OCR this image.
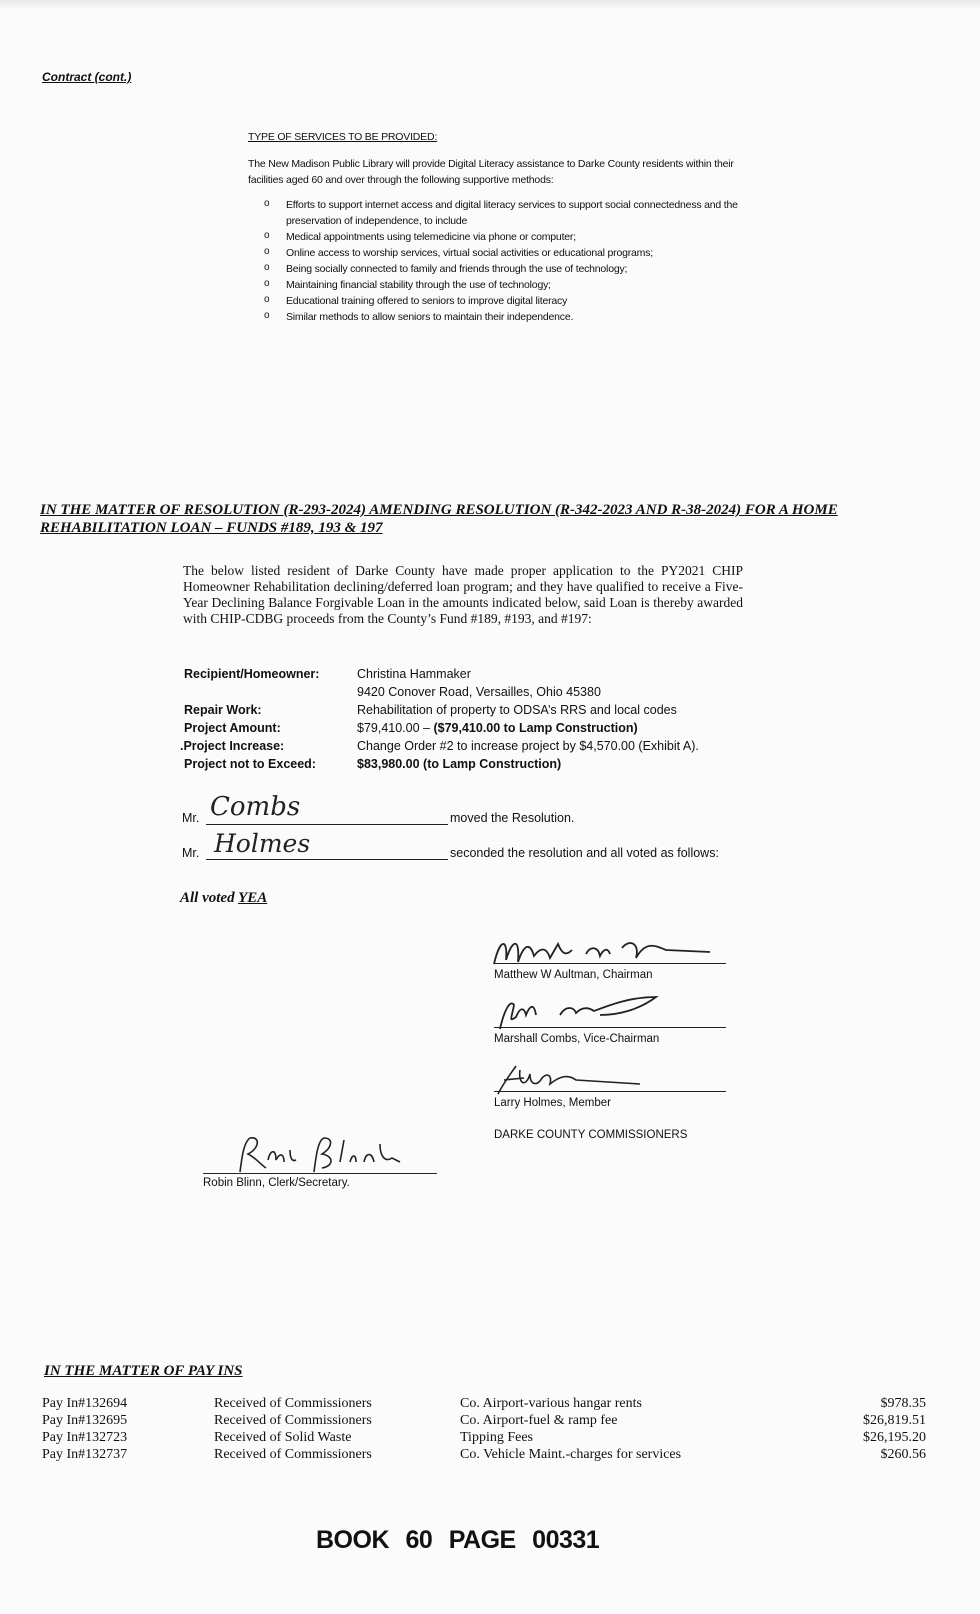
Contract (cont.)
TYPE OF SERVICES TO BE PROVIDED:
The New Madison Public Library will provide Digital Literacy assistance to Darke County residents within their facilities aged 60 and over through the following supportive methods:
o Efforts to support internet access and digital literacy services to support social connectedness and the preservation of independence, to include
o Medical appointments using telemedicine via phone or computer;
o Online access to worship services, virtual social activities or educational programs;
o Being socially connected to family and friends through the use of technology;
o Maintaining financial stability through the use of technology;
o Educational training offered to seniors to improve digital literacy
o Similar methods to allow seniors to maintain their independence.
IN THE MATTER OF RESOLUTION (R-293-2024) AMENDING RESOLUTION (R-342-2023 AND R-38-2024) FOR A HOME REHABILITATION LOAN – FUNDS #189, 193 & 197
The below listed resident of Darke County have made proper application to the PY2021 CHIP Homeowner Rehabilitation declining/deferred loan program; and they have qualified to receive a Five-Year Declining Balance Forgivable Loan in the amounts indicated below, said Loan is thereby awarded with CHIP-CDBG proceeds from the County’s Fund #189, #193, and #197:
Recipient/Homeowner:	Christina Hammaker
9420 Conover Road, Versailles, Ohio 45380
Repair Work:	Rehabilitation of property to ODSA’s RRS and local codes
Project Amount:	$79,410.00 – ($79,410.00 to Lamp Construction)
.Project Increase:	Change Order #2 to increase project by $4,570.00 (Exhibit A).
Project not to Exceed:	$83,980.00 (to Lamp Construction)
Mr. Combs	moved the Resolution.
Mr. Holmes	seconded the resolution and all voted as follows:
All voted YEA
Matthew W Aultman, Chairman
Marshall Combs, Vice-Chairman
Larry Holmes, Member
DARKE COUNTY COMMISSIONERS
Robin Blinn, Clerk/Secretary.
IN THE MATTER OF PAY INS
Pay In#132694	Received of Commissioners	Co. Airport-various hangar rents	$978.35
Pay In#132695	Received of Commissioners	Co. Airport-fuel & ramp fee	$26,819.51
Pay In#132723	Received of Solid Waste	Tipping Fees	$26,195.20
Pay In#132737	Received of Commissioners	Co. Vehicle Maint.-charges for services	$260.56
BOOK 60 PAGE 00331
